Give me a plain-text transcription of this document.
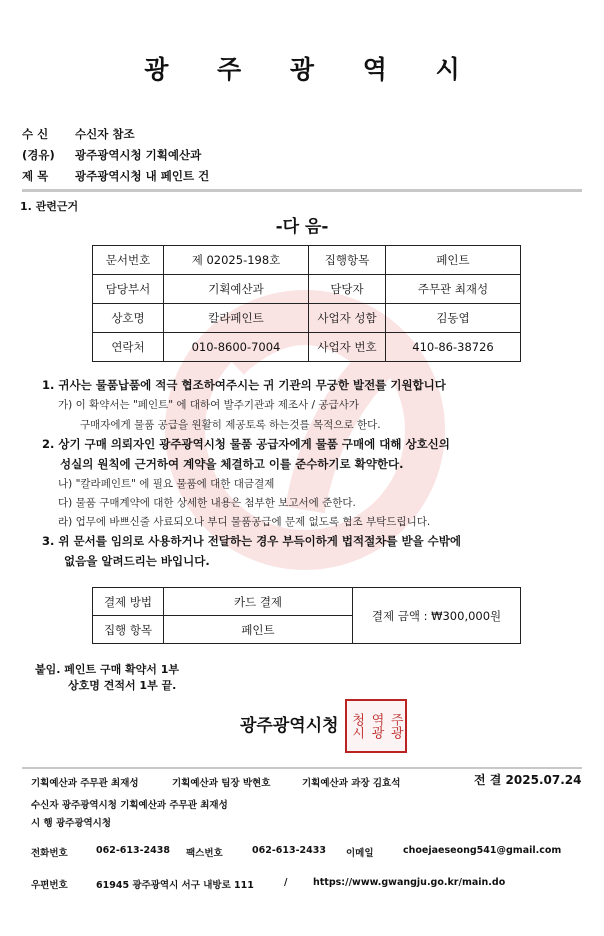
광 주 광 역 시
수 신 수신자 참조
(경유) 광주광역시청 기획예산과
제 목 광주광역시청 내 페인트 건
1. 관련근거
-다 음-
문서번호	제 02025-198호	집행항목	페인트
담당부서	기획예산과	담당자	주무관 최재성
상호명	칼라페인트	사업자 성함	김동엽
연락처	010-8600-7004	사업자 번호	410-86-38726
1. 귀사는 물품납품에 적극 협조하여주시는 귀 기관의 무궁한 발전를 기원합니다
가) 이 확약서는 "페인트" 에 대하여 발주기관과 제조사 / 공급사가
구매자에게 물품 공급을 원활히 제공토록 하는것를 목적으로 한다.
2. 상기 구매 의뢰자인 광주광역시청 물품 공급자에게 물품 구매에 대해 상호신의
성실의 원칙에 근거하여 계약을 체결하고 이를 준수하기로 확약한다.
나) "칼라페인트" 에 필요 물품에 대한 대금결제
다) 물품 구매계약에 대한 상세한 내용은 첨부한 보고서에 준한다.
라) 업무에 바쁘신줄 사료되오나 부디 물품공급에 문제 없도록 협조 부탁드립니다.
3. 위 문서를 임의로 사용하거나 전달하는 경우 부득이하게 법적절차를 받을 수밖에
없음을 알려드리는 바입니다.
결제 방법	카드 결제	결제 금액 : ₩300,000원
집행 항목	페인트	
붙임. 페인트 구매 확약서 1부
상호명 견적서 1부 끝.
광주광역시청 청시 역광 주광
기획예산과 주무관 최재성	기획예산과 팀장 박현호	기획예산과 과장 김효석	전 결 2025.07.24
수신자 광주광역시청 기획예산과 주무관 최재성
시 행 광주광역시청
전화번호	062-613-2438 팩스번호	062-613-2433 이메일	choejaeseong541@gmail.com
우편번호	61945 광주광역시 서구 내방로 111	/	https://www.gwangju.go.kr/main.do
